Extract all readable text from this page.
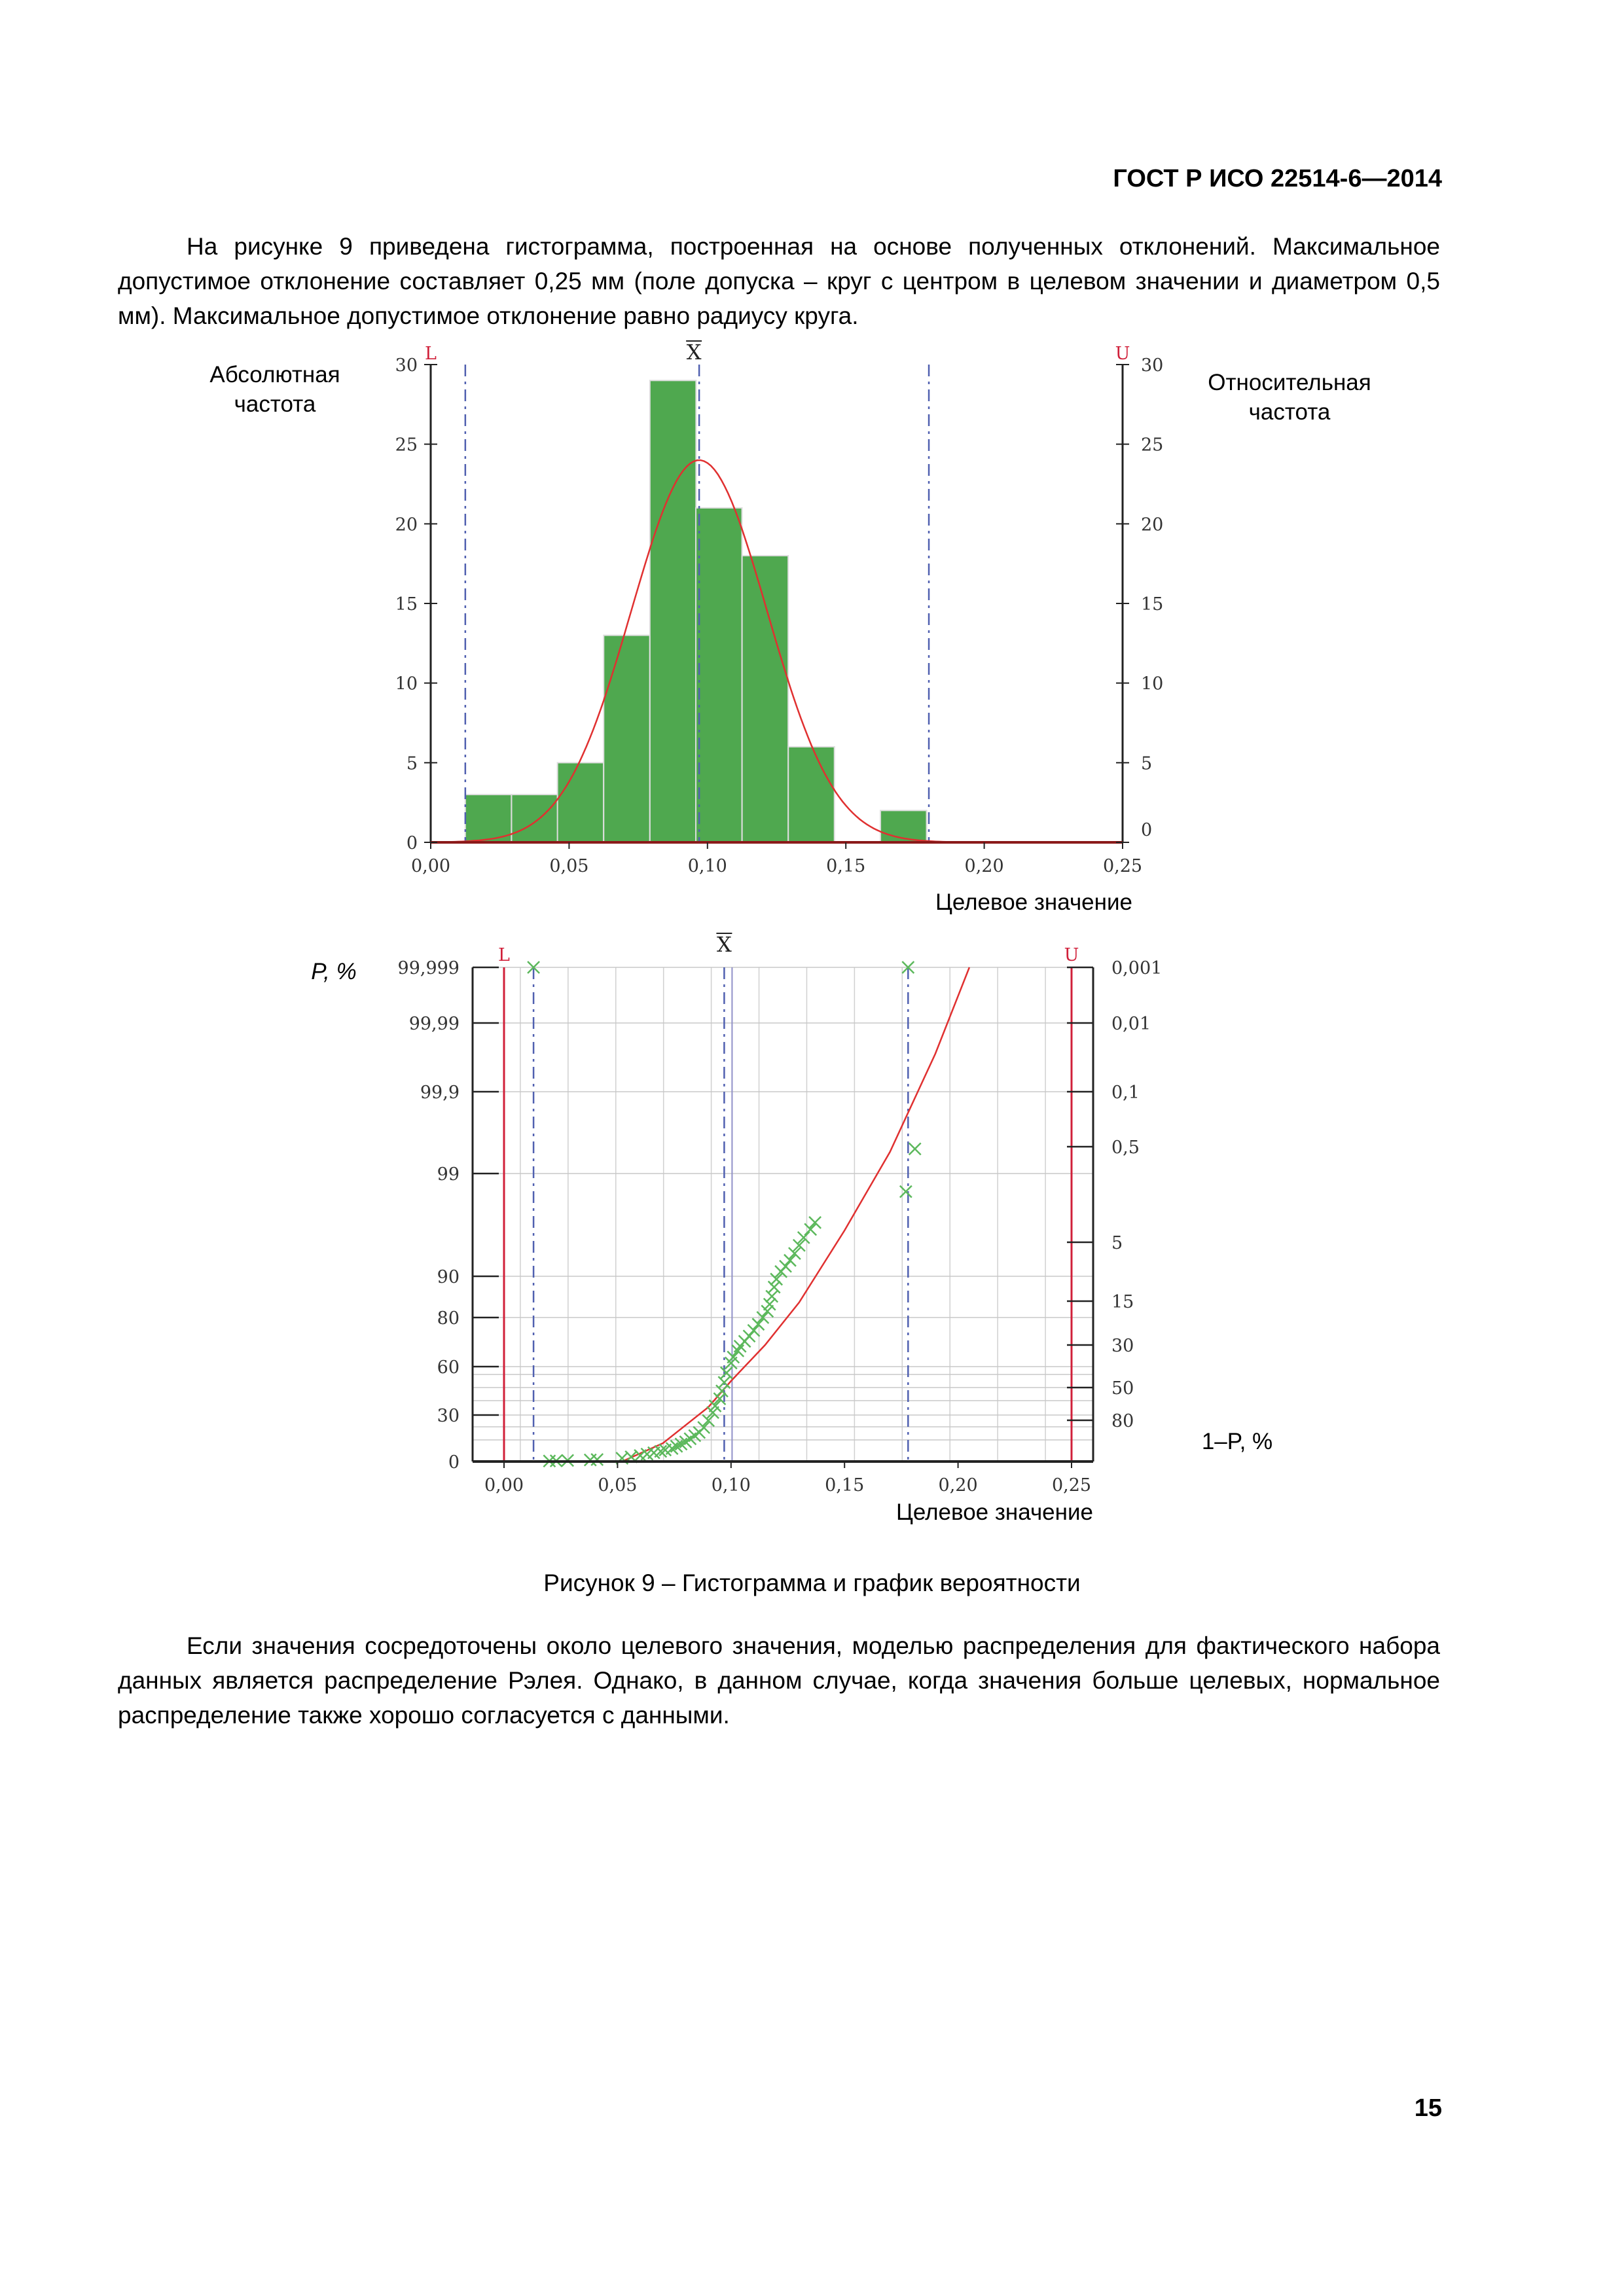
ГОСТ Р ИСО 22514-6—2014

На рисунке 9 приведена гистограмма, построенная на основе полученных отклонений. Максимальное допустимое отклонение составляет 0,25 мм (поле допуска – круг с центром в целевом значении и диаметром 0,5 мм). Максимальное допустимое отклонение равно радиусу круга.

Абсолютная частота
Относительная частота
Целевое значение
0
5
10
15
20
25
30
0
5
10
15
20
25
30
0,00	0,05	0,10	0,15	0,20	0,25
L	U
X
0
30
60
80
90
99
99,9
99,99
99,999	0,001
0,01
0,1
0,5
5
15
30
50
80
0,00	0,05	0,10	0,15	0,20	0,25
L	U
X
P, %
1–P, %
Целевое значение
Рисунок 9 – Гистограмма и график вероятности

Если значения сосредоточены около целевого значения, моделью распределения для фактического набора данных является распределение Рэлея. Однако, в данном случае, когда значения больше целевых, нормальное распределение также хорошо согласуется с данными.

15
